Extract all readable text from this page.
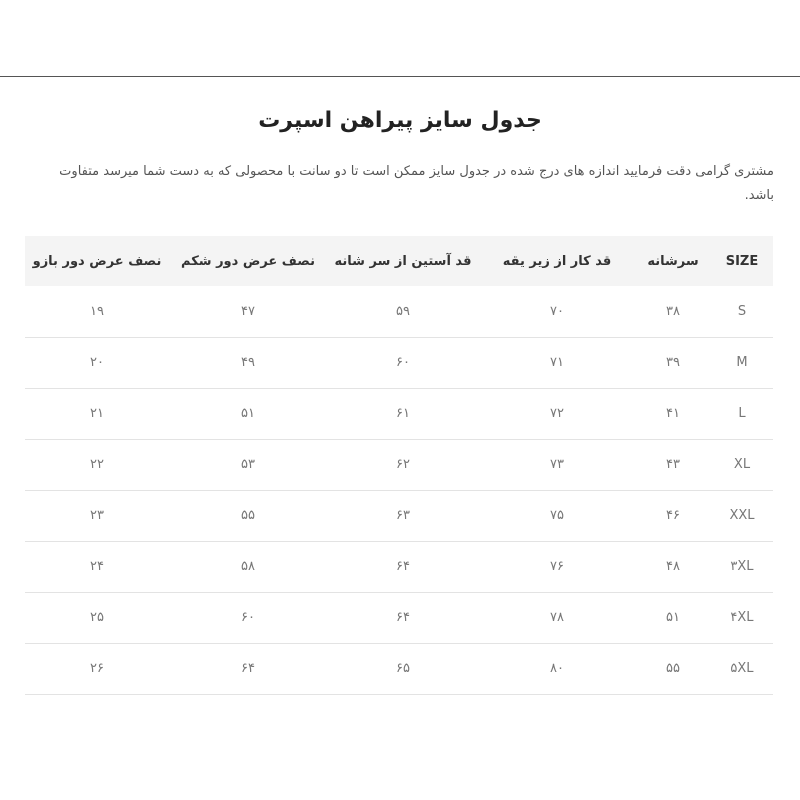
جدول سایز پیراهن اسپرت

مشتری گرامی دقت فرمایید اندازه های درج شده در جدول سایز ممکن است تا دو سانت با محصولی که به دست شما میرسد متفاوت باشد.

SIZE	سرشانه	قد کار از زیر یقه	قد آستین از سر شانه	نصف عرض دور شکم	نصف عرض دور بازو
S	۳۸	۷۰	۵۹	۴۷	۱۹
M	۳۹	۷۱	۶۰	۴۹	۲۰
L	۴۱	۷۲	۶۱	۵۱	۲۱
XL	۴۳	۷۳	۶۲	۵۳	۲۲
XXL	۴۶	۷۵	۶۳	۵۵	۲۳
۳XL	۴۸	۷۶	۶۴	۵۸	۲۴
۴XL	۵۱	۷۸	۶۴	۶۰	۲۵
۵XL	۵۵	۸۰	۶۵	۶۴	۲۶
